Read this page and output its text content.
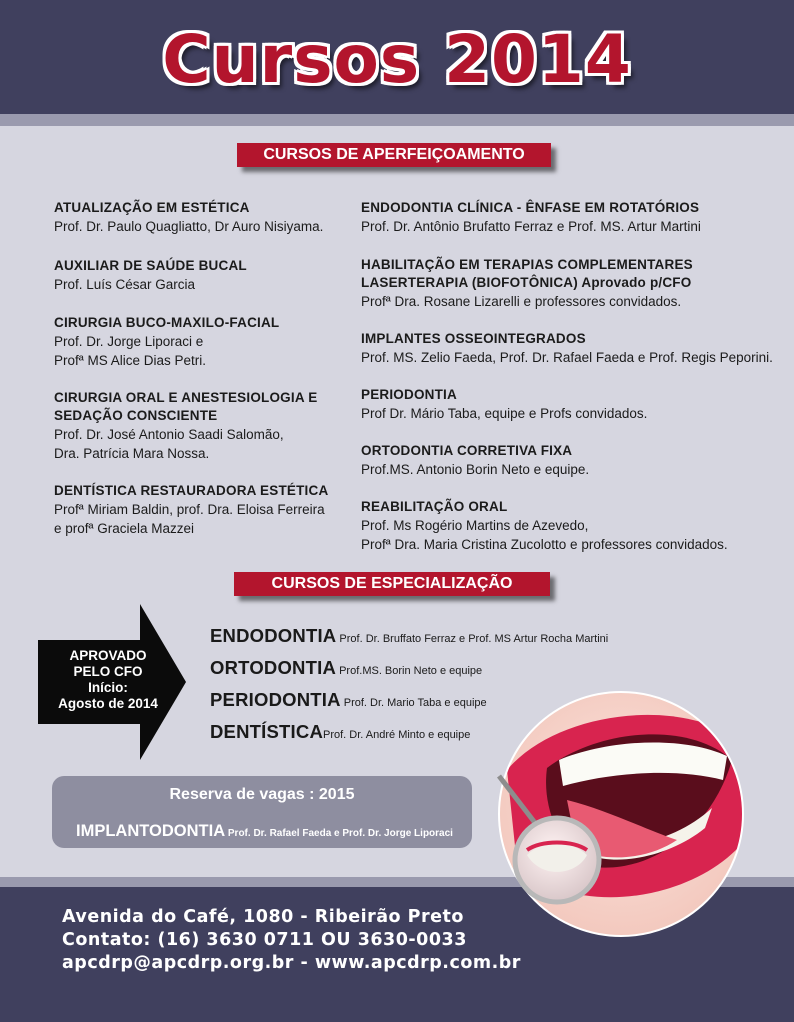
Cursos 2014
CURSOS DE APERFEIÇOAMENTO
ATUALIZAÇÃO EM ESTÉTICA
Prof. Dr. Paulo Quagliatto, Dr Auro Nisiyama.
AUXILIAR DE SAÚDE BUCAL
Prof. Luís César Garcia
CIRURGIA BUCO-MAXILO-FACIAL
Prof. Dr. Jorge Liporaci e
Profª MS Alice Dias Petri.
CIRURGIA ORAL E ANESTESIOLOGIA E
SEDAÇÃO CONSCIENTE
Prof. Dr. José Antonio Saadi Salomão,
Dra. Patrícia Mara Nossa.
DENTÍSTICA RESTAURADORA ESTÉTICA
Profª Miriam Baldin, prof. Dra. Eloisa Ferreira
e profª Graciela Mazzei
ENDODONTIA CLÍNICA - ÊNFASE EM ROTATÓRIOS
Prof. Dr. Antônio Brufatto Ferraz e Prof. MS. Artur Martini
HABILITAÇÃO EM TERAPIAS COMPLEMENTARES
LASERTERAPIA (BIOFOTÔNICA) Aprovado p/CFO
Profª Dra. Rosane Lizarelli e professores convidados.
IMPLANTES OSSEOINTEGRADOS
Prof. MS. Zelio Faeda, Prof. Dr. Rafael Faeda e Prof. Regis Peporini.
PERIODONTIA
Prof Dr. Mário Taba, equipe e Profs convidados.
ORTODONTIA CORRETIVA FIXA
Prof.MS. Antonio Borin Neto e equipe.
REABILITAÇÃO ORAL
Prof. Ms Rogério Martins de Azevedo,
Profª Dra. Maria Cristina Zucolotto e professores convidados.
CURSOS DE ESPECIALIZAÇÃO
APROVADO
PELO CFO
Início:
Agosto de 2014
ENDODONTIA Prof. Dr. Bruffato Ferraz e Prof. MS Artur Rocha Martini
ORTODONTIA Prof.MS. Borin Neto e equipe
PERIODONTIA Prof. Dr. Mario Taba e equipe
DENTÍSTICAProf. Dr. André Minto e equipe
Reserva de vagas : 2015
IMPLANTODONTIA Prof. Dr. Rafael Faeda e Prof. Dr. Jorge Liporaci
Avenida do Café, 1080 - Ribeirão Preto
Contato: (16) 3630 0711 OU 3630-0033
apcdrp@apcdrp.org.br - www.apcdrp.com.br
